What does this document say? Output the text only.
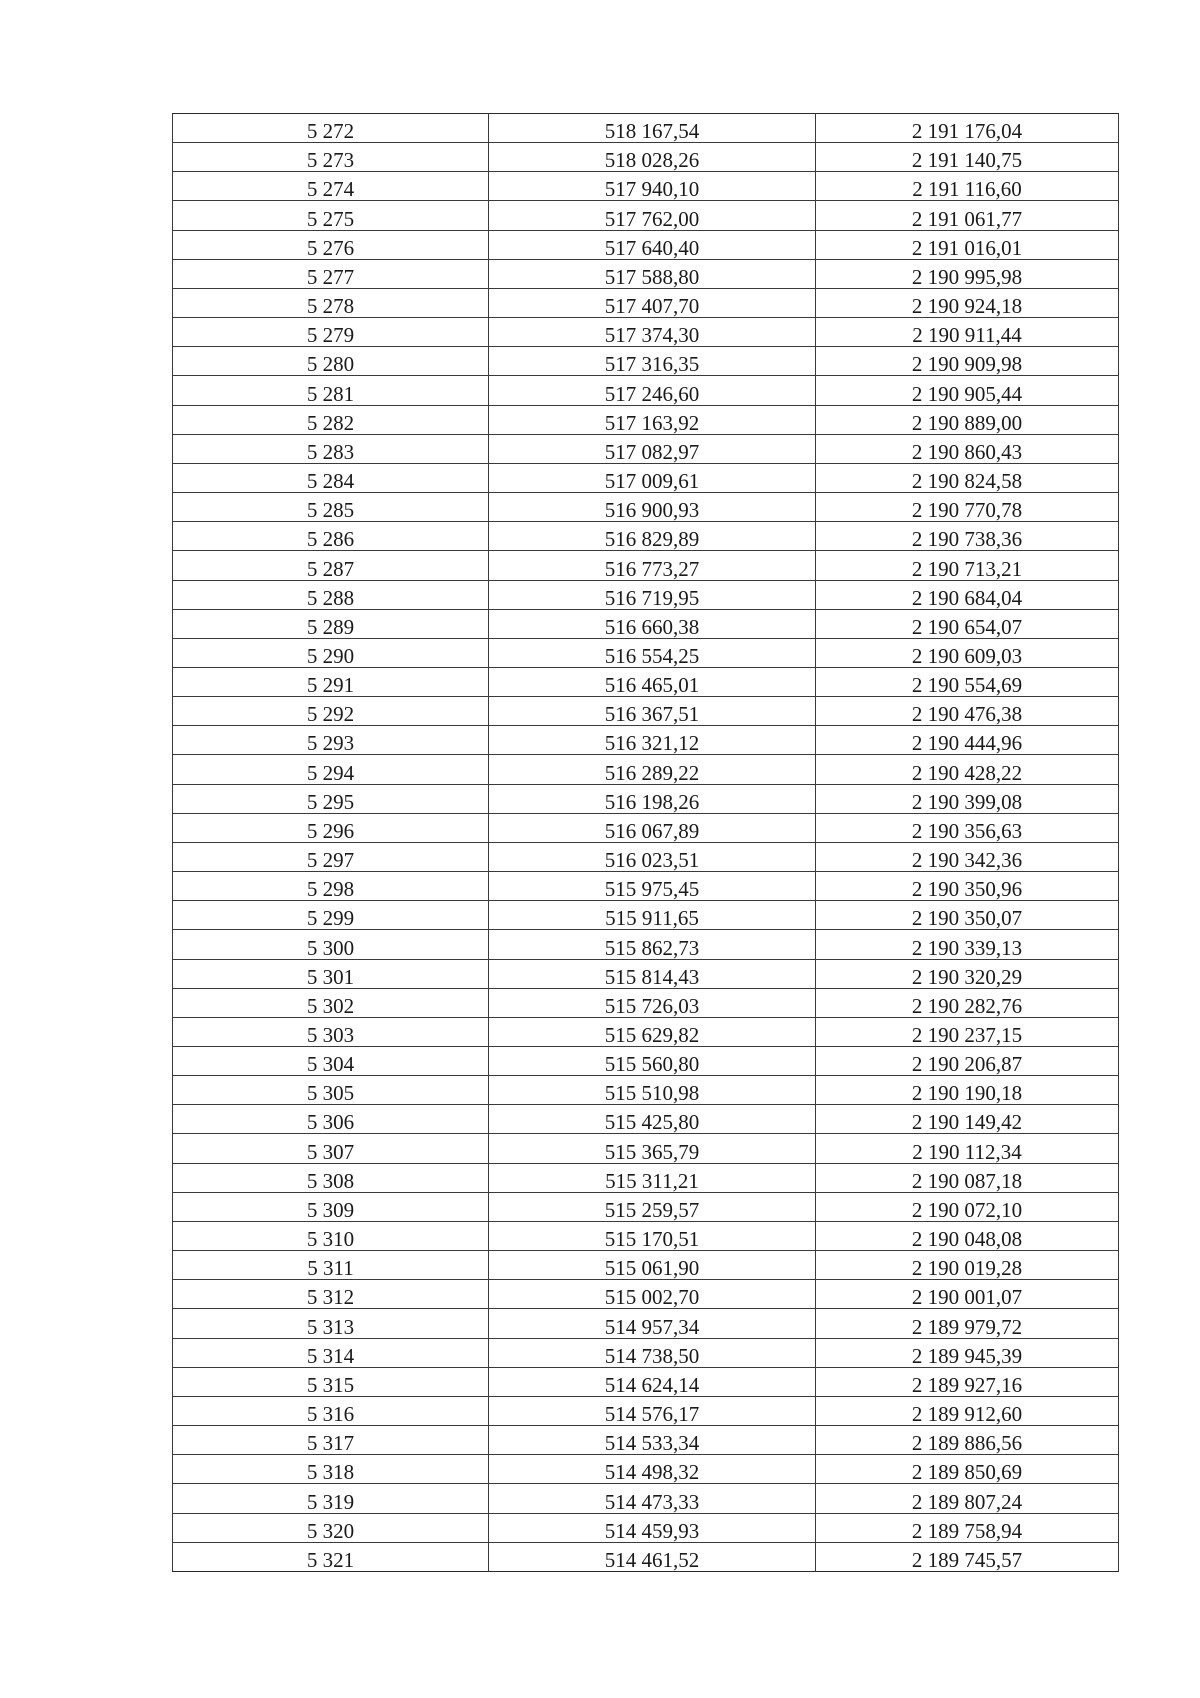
5 272	518 167,54	2 191 176,04
5 273	518 028,26	2 191 140,75
5 274	517 940,10	2 191 116,60
5 275	517 762,00	2 191 061,77
5 276	517 640,40	2 191 016,01
5 277	517 588,80	2 190 995,98
5 278	517 407,70	2 190 924,18
5 279	517 374,30	2 190 911,44
5 280	517 316,35	2 190 909,98
5 281	517 246,60	2 190 905,44
5 282	517 163,92	2 190 889,00
5 283	517 082,97	2 190 860,43
5 284	517 009,61	2 190 824,58
5 285	516 900,93	2 190 770,78
5 286	516 829,89	2 190 738,36
5 287	516 773,27	2 190 713,21
5 288	516 719,95	2 190 684,04
5 289	516 660,38	2 190 654,07
5 290	516 554,25	2 190 609,03
5 291	516 465,01	2 190 554,69
5 292	516 367,51	2 190 476,38
5 293	516 321,12	2 190 444,96
5 294	516 289,22	2 190 428,22
5 295	516 198,26	2 190 399,08
5 296	516 067,89	2 190 356,63
5 297	516 023,51	2 190 342,36
5 298	515 975,45	2 190 350,96
5 299	515 911,65	2 190 350,07
5 300	515 862,73	2 190 339,13
5 301	515 814,43	2 190 320,29
5 302	515 726,03	2 190 282,76
5 303	515 629,82	2 190 237,15
5 304	515 560,80	2 190 206,87
5 305	515 510,98	2 190 190,18
5 306	515 425,80	2 190 149,42
5 307	515 365,79	2 190 112,34
5 308	515 311,21	2 190 087,18
5 309	515 259,57	2 190 072,10
5 310	515 170,51	2 190 048,08
5 311	515 061,90	2 190 019,28
5 312	515 002,70	2 190 001,07
5 313	514 957,34	2 189 979,72
5 314	514 738,50	2 189 945,39
5 315	514 624,14	2 189 927,16
5 316	514 576,17	2 189 912,60
5 317	514 533,34	2 189 886,56
5 318	514 498,32	2 189 850,69
5 319	514 473,33	2 189 807,24
5 320	514 459,93	2 189 758,94
5 321	514 461,52	2 189 745,57
